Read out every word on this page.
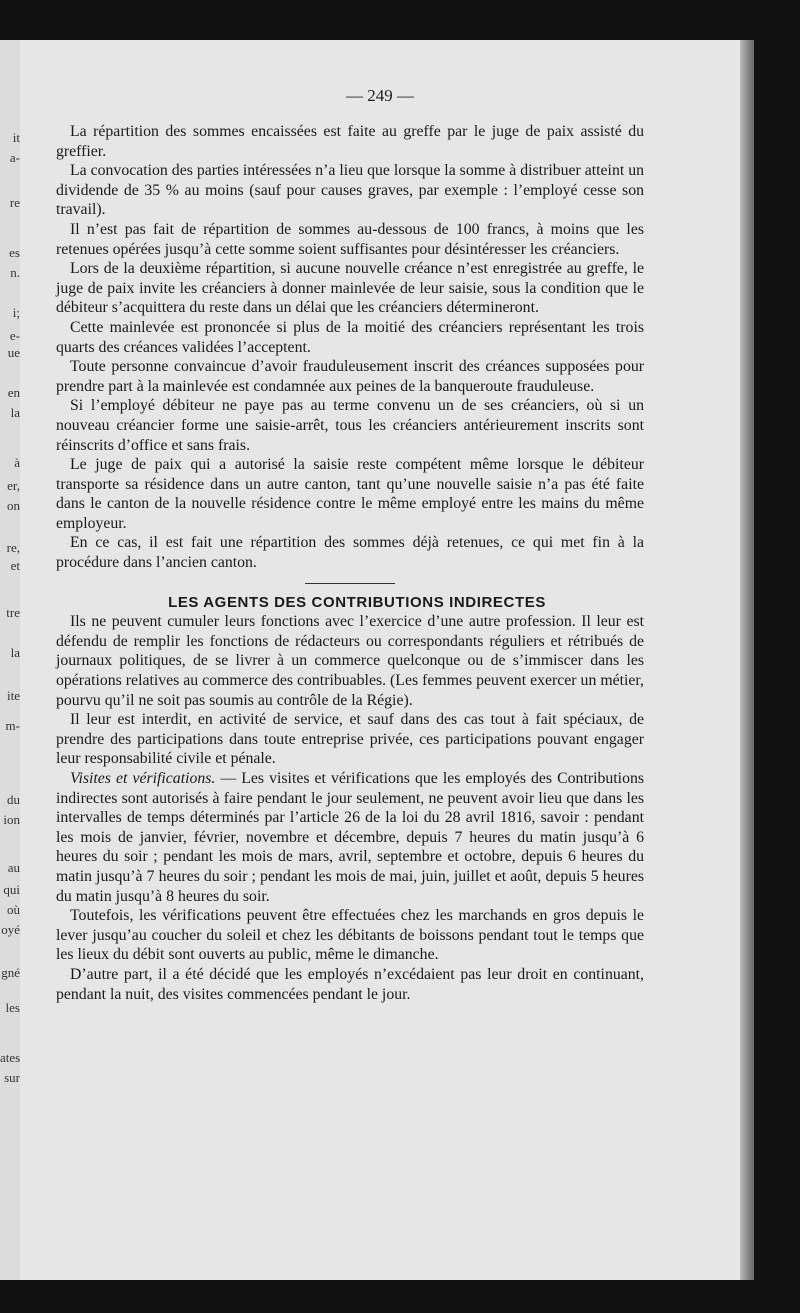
it
a-
re
es
n.
i;
e-
ue
en
la
à
er,
on
re,
et
tre
la
ite
m-
du
ion
au
qui
où
oyé
gné
les
ates
sur
— 249 —

La répartition des sommes encaissées est faite au greffe par le juge de paix assisté du greffier.

La convocation des parties intéressées n’a lieu que lorsque la somme à distribuer atteint un dividende de 35 % au moins (sauf pour causes graves, par exemple : l’employé cesse son travail).

Il n’est pas fait de répartition de sommes au-dessous de 100 francs, à moins que les retenues opérées jusqu’à cette somme soient suffisantes pour désintéresser les créanciers.

Lors de la deuxième répartition, si aucune nouvelle créance n’est enregistrée au greffe, le juge de paix invite les créanciers à donner mainlevée de leur saisie, sous la condition que le débiteur s’acquittera du reste dans un délai que les créanciers détermineront.

Cette mainlevée est prononcée si plus de la moitié des créanciers représentant les trois quarts des créances validées l’acceptent.

Toute personne convaincue d’avoir frauduleusement inscrit des créances supposées pour prendre part à la mainlevée est condamnée aux peines de la banqueroute frauduleuse.

Si l’employé débiteur ne paye pas au terme convenu un de ses créanciers, où si un nouveau créancier forme une saisie-arrêt, tous les créanciers antérieurement inscrits sont réinscrits d’office et sans frais.

Le juge de paix qui a autorisé la saisie reste compétent même lorsque le débiteur transporte sa résidence dans un autre canton, tant qu’une nouvelle saisie n’a pas été faite dans le canton de la nouvelle résidence contre le même employé entre les mains du même employeur.

En ce cas, il est fait une répartition des sommes déjà retenues, ce qui met fin à la procédure dans l’ancien canton.

LES AGENTS DES CONTRIBUTIONS INDIRECTES

Ils ne peuvent cumuler leurs fonctions avec l’exercice d’une autre profession. Il leur est défendu de remplir les fonctions de rédacteurs ou correspondants réguliers et rétribués de journaux politiques, de se livrer à un commerce quelconque ou de s’immiscer dans les opérations relatives au commerce des contribuables. (Les femmes peuvent exercer un métier, pourvu qu’il ne soit pas soumis au contrôle de la Régie).

Il leur est interdit, en activité de service, et sauf dans des cas tout à fait spéciaux, de prendre des participations dans toute entreprise privée, ces participations pouvant engager leur responsabilité civile et pénale.

Visites et vérifications. — Les visites et vérifications que les employés des Contributions indirectes sont autorisés à faire pendant le jour seulement, ne peuvent avoir lieu que dans les intervalles de temps déterminés par l’article 26 de la loi du 28 avril 1816, savoir : pendant les mois de janvier, février, novembre et décembre, depuis 7 heures du matin jusqu’à 6 heures du soir ; pendant les mois de mars, avril, septembre et octobre, depuis 6 heures du matin jusqu’à 7 heures du soir ; pendant les mois de mai, juin, juillet et août, depuis 5 heures du matin jusqu’à 8 heures du soir.

Toutefois, les vérifications peuvent être effectuées chez les marchands en gros depuis le lever jusqu’au coucher du soleil et chez les débitants de boissons pendant tout le temps que les lieux du débit sont ouverts au public, même le dimanche.

D’autre part, il a été décidé que les employés n’excédaient pas leur droit en continuant, pendant la nuit, des visites commencées pendant le jour.
